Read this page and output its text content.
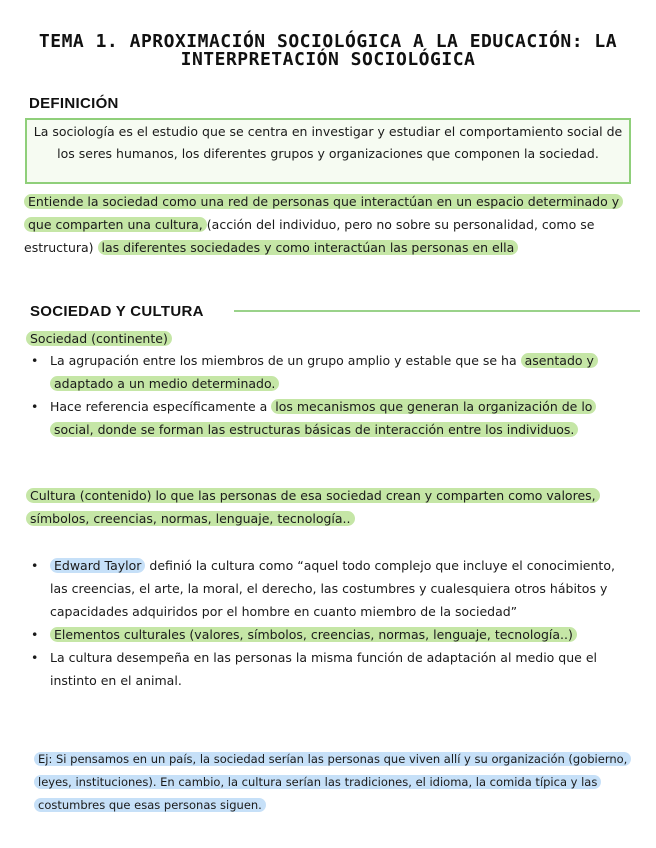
TEMA 1. APROXIMACIÓN SOCIOLÓGICA A LA EDUCACIÓN: LA
INTERPRETACIÓN SOCIOLÓGICA
DEFINICIÓN
La sociología es el estudio que se centra en investigar y estudiar el comportamiento social de los seres humanos, los diferentes grupos y organizaciones que componen la sociedad.
Entiende la sociedad como una red de personas que interactúan en un espacio determinado y que comparten una cultura, (acción del individuo, pero no sobre su personalidad, como se estructura) las diferentes sociedades y como interactúan las personas en ella
SOCIEDAD Y CULTURA
Sociedad (continente)
• La agrupación entre los miembros de un grupo amplio y estable que se ha asentado y adaptado a un medio determinado.
• Hace referencia específicamente a los mecanismos que generan la organización de lo social, donde se forman las estructuras básicas de interacción entre los individuos.
Cultura (contenido) lo que las personas de esa sociedad crean y comparten como valores, símbolos, creencias, normas, lenguaje, tecnología..
• Edward Taylor definió la cultura como “aquel todo complejo que incluye el conocimiento, las creencias, el arte, la moral, el derecho, las costumbres y cualesquiera otros hábitos y capacidades adquiridos por el hombre en cuanto miembro de la sociedad”
• Elementos culturales (valores, símbolos, creencias, normas, lenguaje, tecnología..)
• La cultura desempeña en las personas la misma función de adaptación al medio que el instinto en el animal.
Ej: Si pensamos en un país, la sociedad serían las personas que viven allí y su organización (gobierno, leyes, instituciones). En cambio, la cultura serían las tradiciones, el idioma, la comida típica y las costumbres que esas personas siguen.
